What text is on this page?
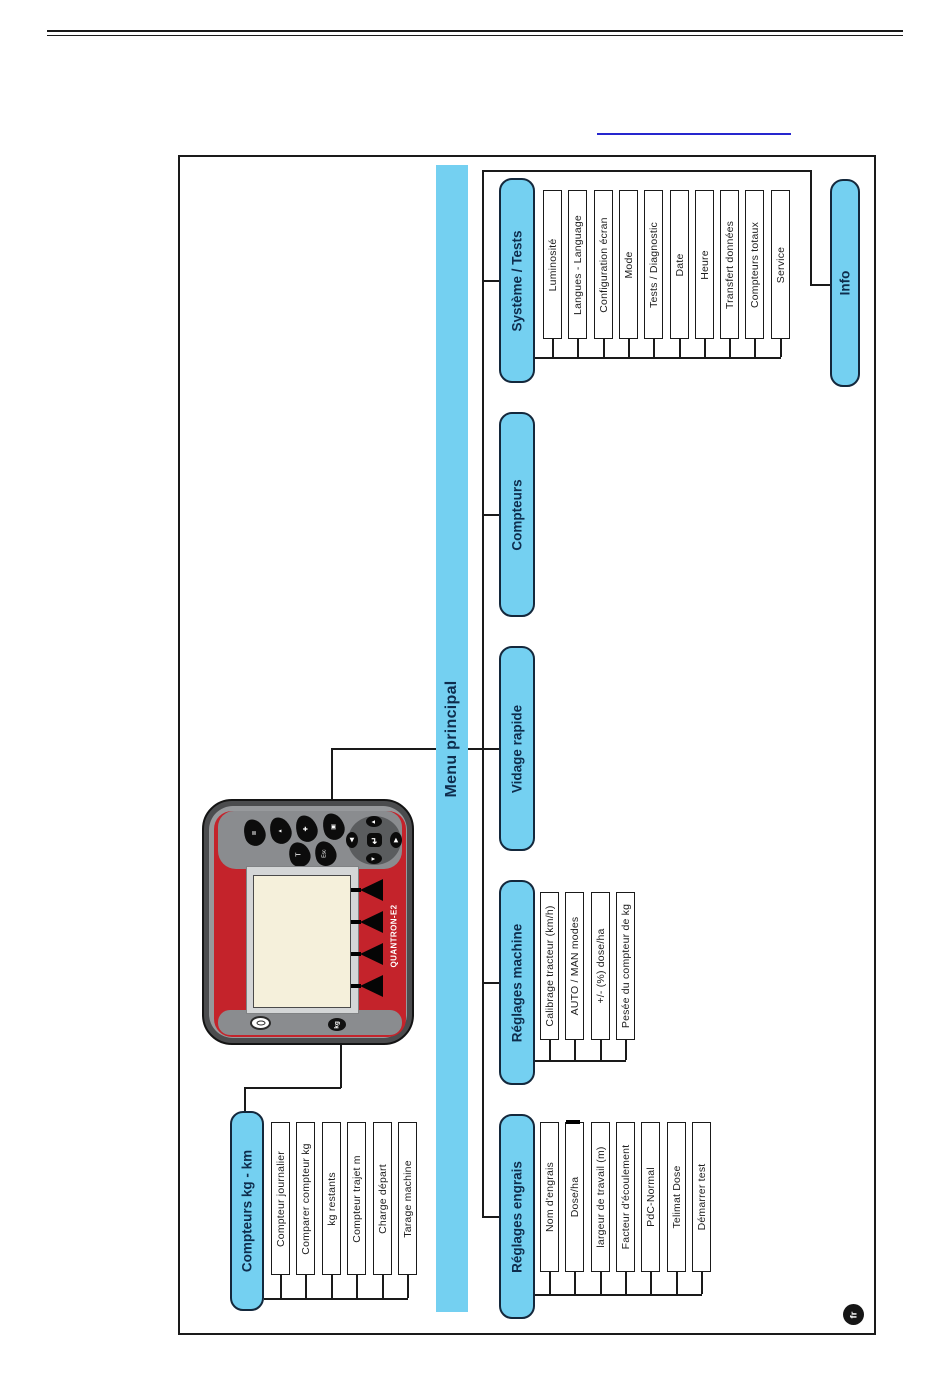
Menu principal
Système / Tests
Compteurs
Vidage rapide
Réglages machine
Réglages engrais
Compteurs kg - km
Info
Luminosité Langues - Language Configuration écran Mode Tests / Diagnostic Date Heure Transfert données Compteurs totaux Service
Calibrage tracteur (km/h) AUTO / MAN modes +/- (%) dose/ha Pesée du compteur de kg
Nom d'engrais Dose/ha largeur de travail (m) Facteur d'écoulement PdC-Normal Telimat Dose Démarrer test
Compteur journalier Comparer compteur kg kg restants Compteur trajet m Charge départ Tarage machine
≣	▴	✚	▣
T	Esc
▲
▼
◀	▶
↵
QUANTRON-E2
kg
fr
